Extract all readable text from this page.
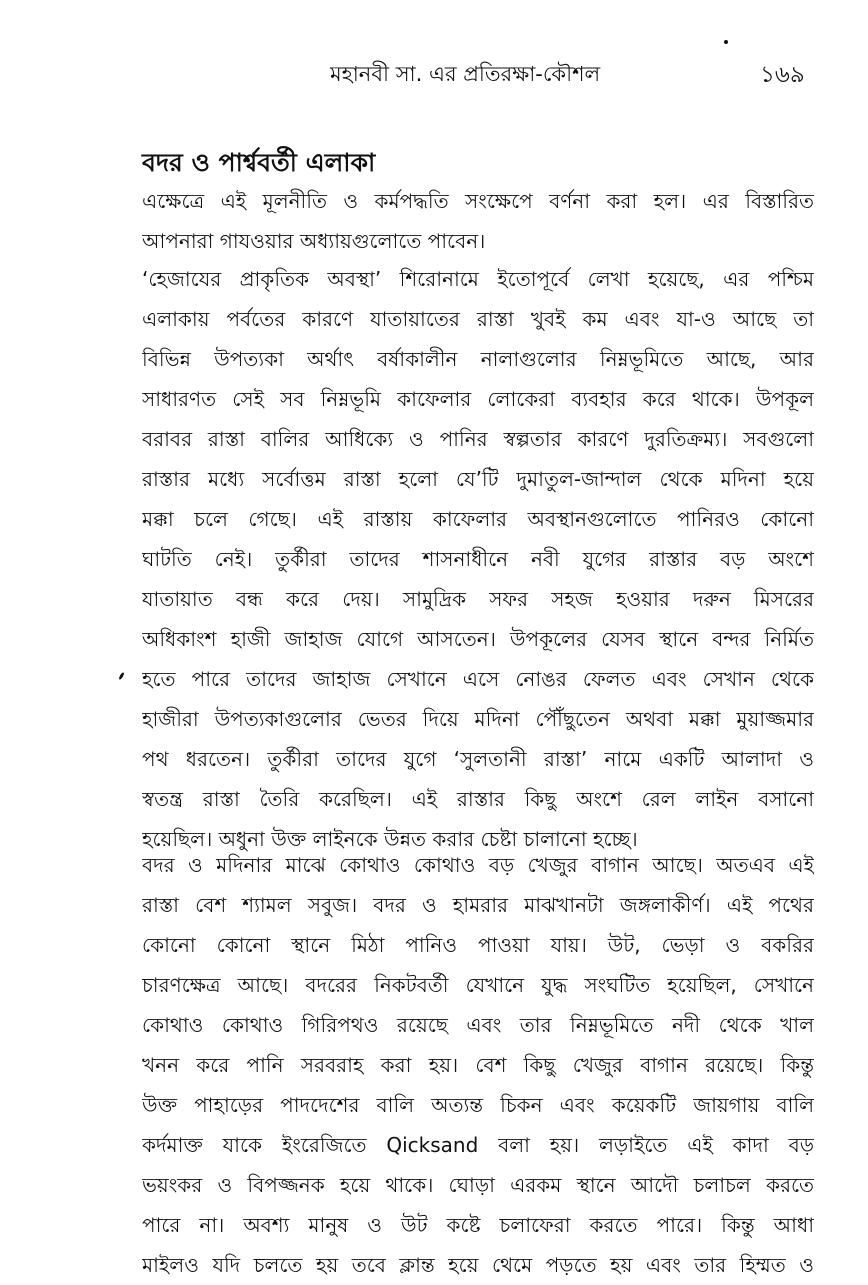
মহানবী সা. এর প্রতিরক্ষা-কৌশল	১৬৯
বদর ও পার্শ্ববর্তী এলাকা

এক্ষেত্রে এই মূলনীতি ও কর্মপদ্ধতি সংক্ষেপে বর্ণনা করা হল। এর বিস্তারিত
আপনারা গাযওয়ার অধ্যায়গুলোতে পাবেন।

‘হেজাযের প্রাকৃতিক অবস্থা’ শিরোনামে ইতোপূর্বে লেখা হয়েছে, এর পশ্চিম
এলাকায় পর্বতের কারণে যাতায়াতের রাস্তা খুবই কম এবং যা-ও আছে তা
বিভিন্ন উপত্যকা অর্থাৎ বর্ষাকালীন নালাগুলোর নিম্নভূমিতে আছে, আর
সাধারণত সেই সব নিম্নভূমি কাফেলার লোকেরা ব্যবহার করে থাকে। উপকূল
বরাবর রাস্তা বালির আধিক্যে ও পানির স্বল্পতার কারণে দুরতিক্রম্য। সবগুলো
রাস্তার মধ্যে সর্বোত্তম রাস্তা হলো যে’টি দুমাতুল-জান্দাল থেকে মদিনা হয়ে
মক্কা চলে গেছে। এই রাস্তায় কাফেলার অবস্থানগুলোতে পানিরও কোনো
ঘাটতি নেই। তুর্কীরা তাদের শাসনাধীনে নবী যুগের রাস্তার বড় অংশে
যাতায়াত বন্ধ করে দেয়। সামুদ্রিক সফর সহজ হওয়ার দরুন মিসরের
অধিকাংশ হাজী জাহাজ যোগে আসতেন। উপকূলের যেসব স্থানে বন্দর নির্মিত
হতে পারে তাদের জাহাজ সেখানে এসে নোঙর ফেলত এবং সেখান থেকে
হাজীরা উপত্যকাগুলোর ভেতর দিয়ে মদিনা পৌঁছুতেন অথবা মক্কা মুয়াজ্জমার
পথ ধরতেন। তুর্কীরা তাদের যুগে ‘সুলতানী রাস্তা’ নামে একটি আলাদা ও
স্বতন্ত্র রাস্তা তৈরি করেছিল। এই রাস্তার কিছু অংশে রেল লাইন বসানো
হয়েছিল। অধুনা উক্ত লাইনকে উন্নত করার চেষ্টা চালানো হচ্ছে।

বদর ও মদিনার মাঝে কোথাও কোথাও বড় খেজুর বাগান আছে। অতএব এই
রাস্তা বেশ শ্যামল সবুজ। বদর ও হামরার মাঝখানটা জঙ্গলাকীর্ণ। এই পথের
কোনো কোনো স্থানে মিঠা পানিও পাওয়া যায়। উট, ভেড়া ও বকরির
চারণক্ষেত্র আছে। বদরের নিকটবর্তী যেখানে যুদ্ধ সংঘটিত হয়েছিল, সেখানে
কোথাও কোথাও গিরিপথও রয়েছে এবং তার নিম্নভূমিতে নদী থেকে খাল
খনন করে পানি সরবরাহ করা হয়। বেশ কিছু খেজুর বাগান রয়েছে। কিন্তু
উক্ত পাহাড়ের পাদদেশের বালি অত্যন্ত চিকন এবং কয়েকটি জায়গায় বালি
কর্দমাক্ত যাকে ইংরেজিতে Qicksand বলা হয়। লড়াইতে এই কাদা বড়
ভয়ংকর ও বিপজ্জনক হয়ে থাকে। ঘোড়া এরকম স্থানে আদৌ চলাচল করতে
পারে না। অবশ্য মানুষ ও উট কষ্টে চলাফেরা করতে পারে। কিন্তু আধা
মাইলও যদি চলতে হয় তবে ক্লান্ত হয়ে থেমে পড়তে হয় এবং তার হিম্মত ও
